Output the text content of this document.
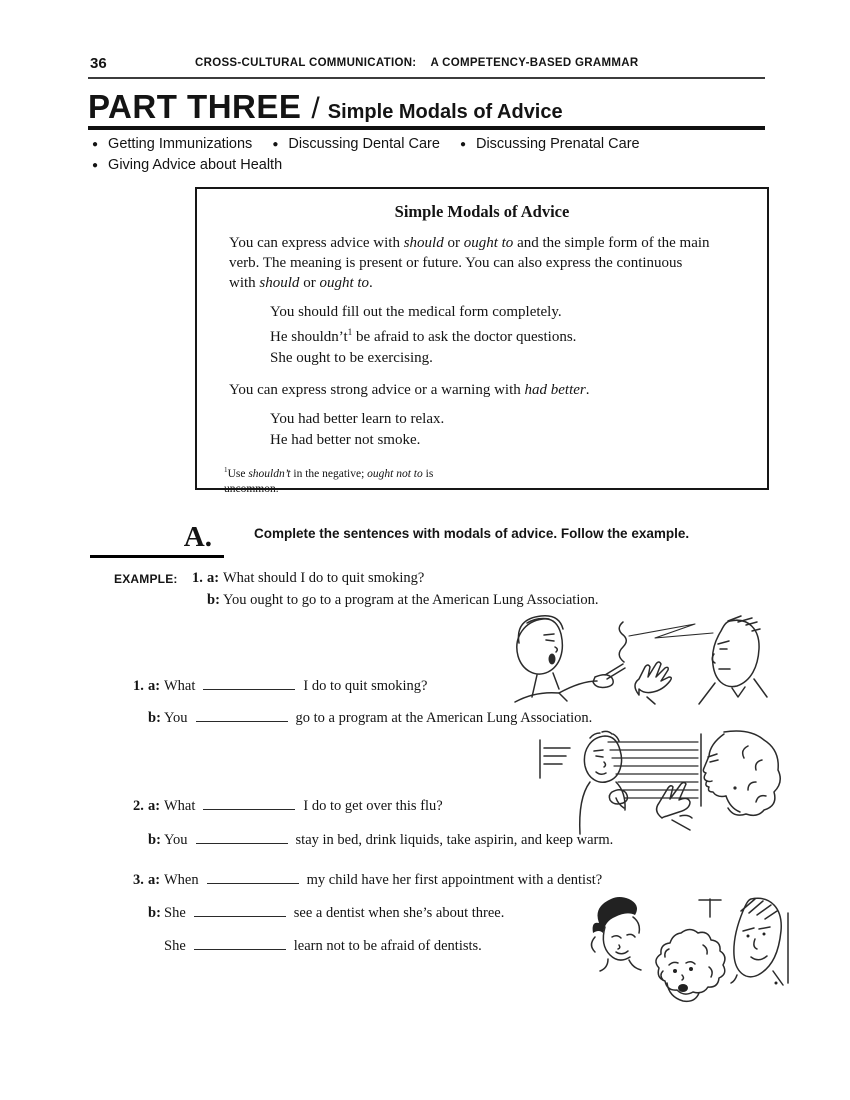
36	CROSS-CULTURAL COMMUNICATION: A COMPETENCY-BASED GRAMMAR
PART THREE / Simple Modals of Advice
● Getting Immunizations ● Discussing Dental Care ● Discussing Prenatal Care
● Giving Advice about Health
Simple Modals of Advice
You can express advice with should or ought to and the simple form of the main verb. The meaning is present or future. You can also express the continuous with should or ought to.
You should fill out the medical form completely.
He $shouldn’t^1$ be afraid to ask the doctor questions.
She ought to be exercising.
You can express strong advice or a warning with had better.
You had better learn to relax.
He had better not smoke.
$^1$Use shouldn’t in the negative; ought not to is uncommon.
A.	$^{Complete the sentences with modals of advice. Follow the example.}$
EXAMPLE: 1. a: What should I do to quit smoking?
b: You ought to go to a program at the American Lung Association.
1. a: What	I do to quit smoking?
b: You	go to a program at the American Lung Association.
2. a: What	I do to get over this flu?
b: You	stay in bed, drink liquids, take aspirin, and keep warm.
3. a: When	my child have her first appointment with a dentist?
b: She	see a dentist when she’s about three.
She	learn not to be afraid of dentists.
